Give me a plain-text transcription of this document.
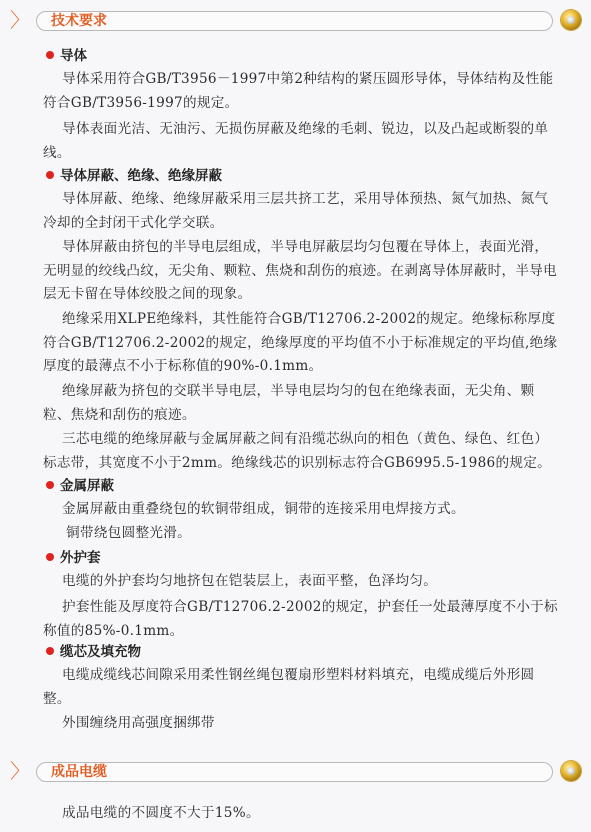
〉 技术要求
导体
导体采用符合GB/T3956－1997中第2种结构的紧压圆形导体，导体结构及性能符合GB/T3956-1997的规定。
导体表面光洁、无油污、无损伤屏蔽及绝缘的毛刺、锐边，以及凸起或断裂的单线。
导体屏蔽、绝缘、绝缘屏蔽
导体屏蔽、绝缘、绝缘屏蔽采用三层共挤工艺，采用导体预热、氮气加热、氮气冷却的全封闭干式化学交联。
导体屏蔽由挤包的半导电层组成，半导电屏蔽层均匀包覆在导体上，表面光滑，无明显的绞线凸纹，无尖角、颗粒、焦烧和刮伤的痕迹。在剥离导体屏蔽时，半导电层无卡留在导体绞股之间的现象。
绝缘采用XLPE绝缘料，其性能符合GB/T12706.2-2002的规定。绝缘标称厚度符合GB/T12706.2-2002的规定，绝缘厚度的平均值不小于标准规定的平均值,绝缘厚度的最薄点不小于标称值的90%-0.1mm。
绝缘屏蔽为挤包的交联半导电层，半导电层均匀的包在绝缘表面，无尖角、颗粒、焦烧和刮伤的痕迹。
三芯电缆的绝缘屏蔽与金属屏蔽之间有沿缆芯纵向的相色（黄色、绿色、红色）标志带，其宽度不小于2mm。绝缘线芯的识别标志符合GB6995.5-1986的规定。
金属屏蔽
金属屏蔽由重叠绕包的软铜带组成，铜带的连接采用电焊接方式。
铜带绕包圆整光滑。
外护套
电缆的外护套均匀地挤包在铠装层上，表面平整，色泽均匀。
护套性能及厚度符合GB/T12706.2-2002的规定，护套任一处最薄厚度不小于标称值的85%-0.1mm。
缆芯及填充物
电缆成缆线芯间隙采用柔性钢丝绳包覆扇形塑料材料填充，电缆成缆后外形圆整。
外围缠绕用高强度捆绑带
〉 成品电缆
成品电缆的不圆度不大于15%。
